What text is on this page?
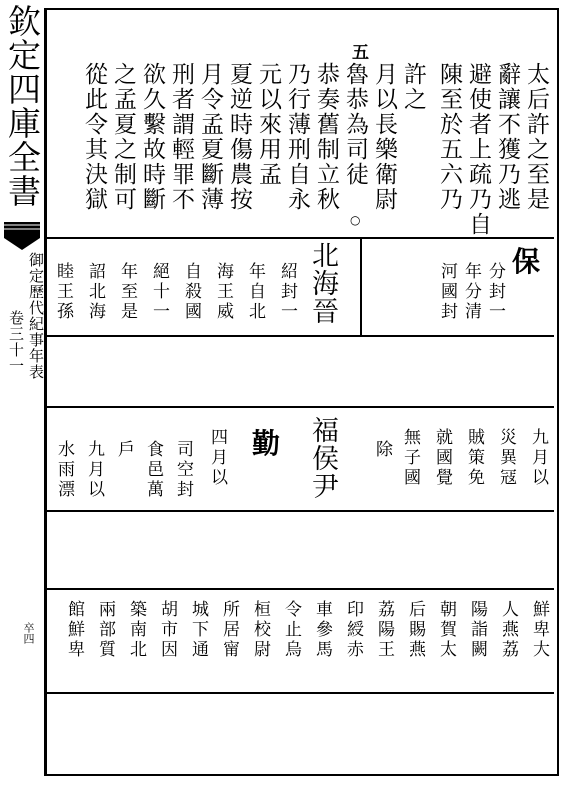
欽定四庫全書
御定歷代紀事年表
卷三十一
卒四
五
太后許之至是
辭讓不獲乃逃
避使者上疏乃自
陳至於五六乃
許之
月以長樂衛尉
魯恭為司徒
恭奏舊制立秋
乃行薄刑自永
元以來用孟
夏逆時傷農按
月令孟夏斷薄
刑者謂輕罪不
欲久繫故時斷
之孟夏之制可
從此令其決獄
○
保
分封一
年分清
河國封
北海晉
紹封一
年自北
海王威
自殺國
絕十一
年至是
詔北海
睦王孫
九月以
災異冦
賊策免
就國覺
無子國
除
福侯尹
勤
四月以
司空封
食邑萬
戶
九月以
水雨漂
鮮卑大
人燕荔
陽詣闕
朝賀太
后賜燕
荔陽王
印綬赤
車參馬
令止烏
桓校尉
所居甯
城下通
胡市因
築南北
兩部質
館鮮卑
